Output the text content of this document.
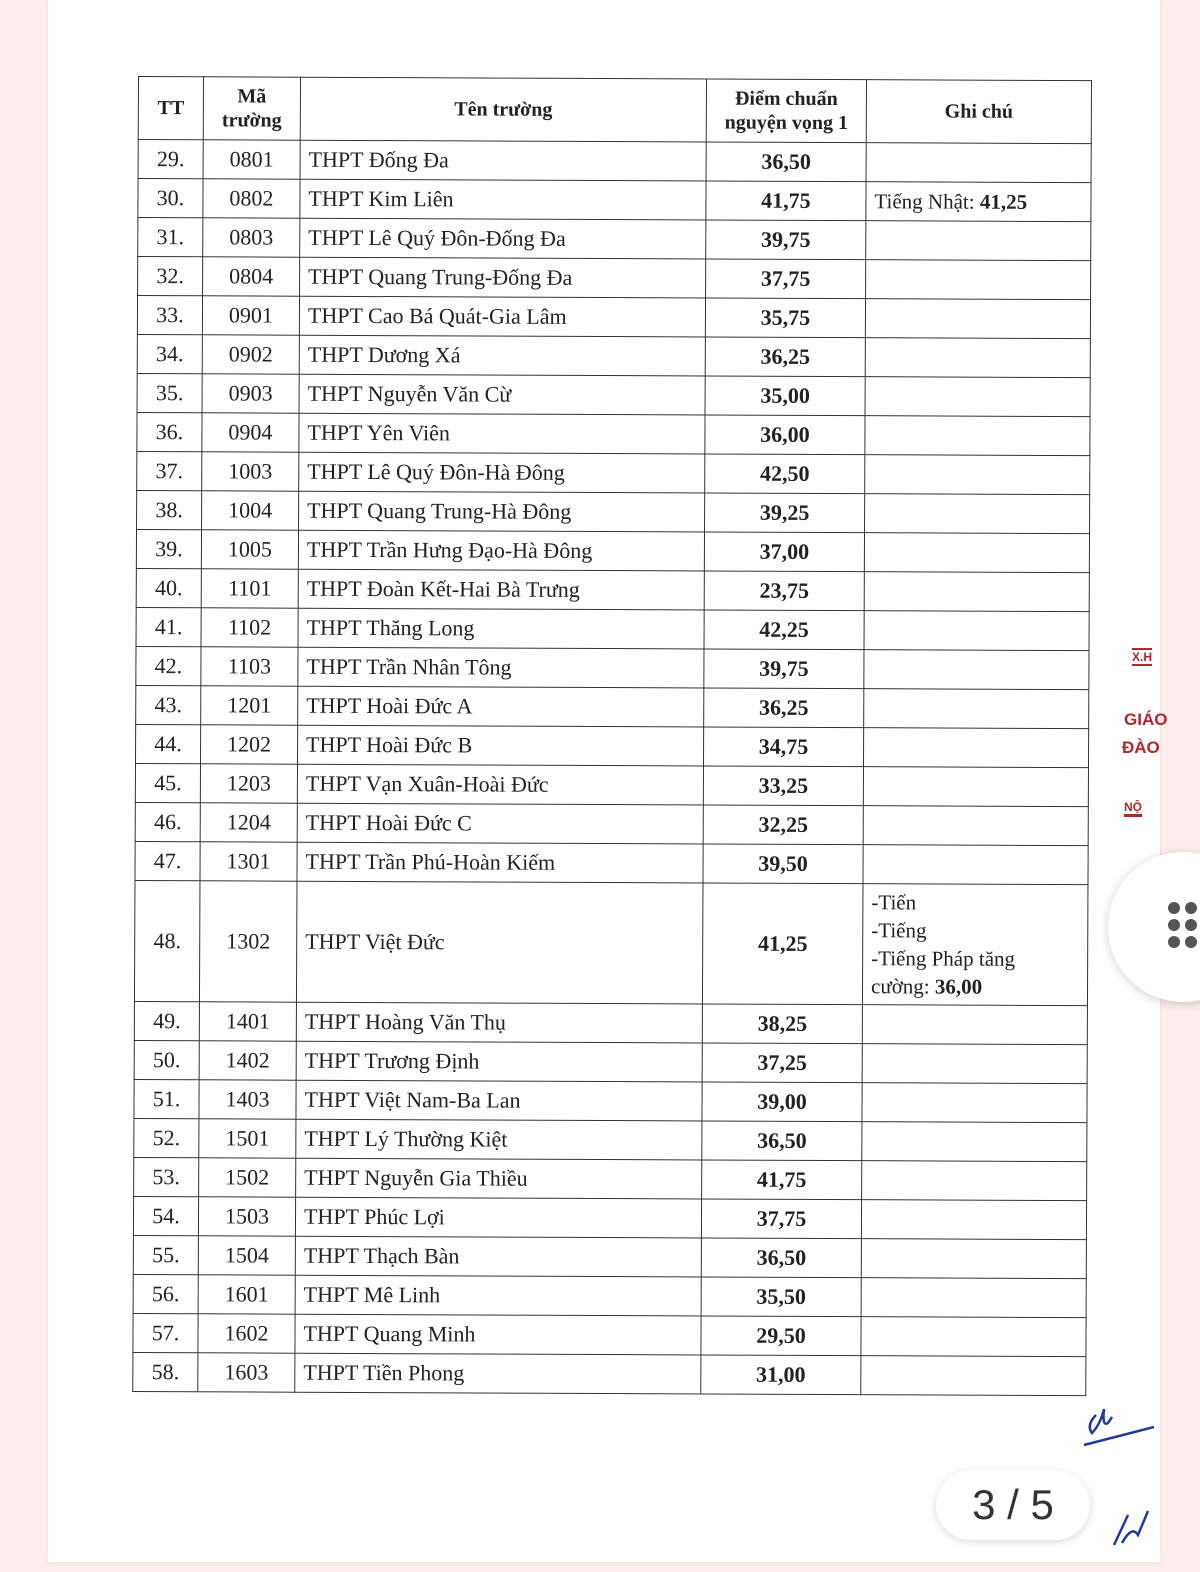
TT	Mã trường	Tên trường	Điểm chuẩn nguyện vọng 1	Ghi chú
29.	0801	THPT Đống Đa	36,50	
30.	0802	THPT Kim Liên	41,75	Tiếng Nhật: 41,25
31.	0803	THPT Lê Quý Đôn-Đống Đa	39,75	
32.	0804	THPT Quang Trung-Đống Đa	37,75	
33.	0901	THPT Cao Bá Quát-Gia Lâm	35,75	
34.	0902	THPT Dương Xá	36,25	
35.	0903	THPT Nguyễn Văn Cừ	35,00	
36.	0904	THPT Yên Viên	36,00	
37.	1003	THPT Lê Quý Đôn-Hà Đông	42,50	
38.	1004	THPT Quang Trung-Hà Đông	39,25	
39.	1005	THPT Trần Hưng Đạo-Hà Đông	37,00	
40.	1101	THPT Đoàn Kết-Hai Bà Trưng	23,75	
41.	1102	THPT Thăng Long	42,25	
42.	1103	THPT Trần Nhân Tông	39,75	
43.	1201	THPT Hoài Đức A	36,25	
44.	1202	THPT Hoài Đức B	34,75	
45.	1203	THPT Vạn Xuân-Hoài Đức	33,25	
46.	1204	THPT Hoài Đức C	32,25	
47.	1301	THPT Trần Phú-Hoàn Kiếm	39,50	
48.	1302	THPT Việt Đức	41,25	-Tiến
-Tiếng
-Tiếng Pháp tăng
cường: 36,00
49.	1401	THPT Hoàng Văn Thụ	38,25	
50.	1402	THPT Trương Định	37,25	
51.	1403	THPT Việt Nam-Ba Lan	39,00	
52.	1501	THPT Lý Thường Kiệt	36,50	
53.	1502	THPT Nguyễn Gia Thiều	41,75	
54.	1503	THPT Phúc Lợi	37,75	
55.	1504	THPT Thạch Bàn	36,50	
56.	1601	THPT Mê Linh	35,50	
57.	1602	THPT Quang Minh	29,50	
58.	1603	THPT Tiền Phong	31,00	
X.H
GIÁO
ĐÀO
NỘ
3 / 5
